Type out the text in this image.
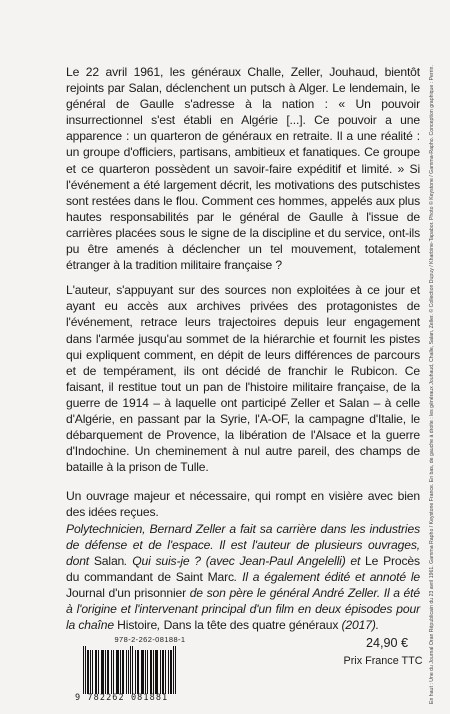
Le 22 avril 1961, les généraux Challe, Zeller, Jouhaud, bientôt rejoints par Salan, déclenchent un putsch à Alger. Le lendemain, le général de Gaulle s'adresse à la nation : « Un pouvoir insurrectionnel s'est établi en Algérie [...]. Ce pouvoir a une apparence : un quarteron de généraux en retraite. Il a une réalité : un groupe d'officiers, partisans, ambitieux et fanatiques. Ce groupe et ce quarteron possèdent un savoir-faire expéditif et limité. » Si l'événement a été largement décrit, les motivations des putschistes sont restées dans le flou. Comment ces hommes, appelés aux plus hautes responsabilités par le général de Gaulle à l'issue de carrières placées sous le signe de la discipline et du service, ont-ils pu être amenés à déclencher un tel mouvement, totalement étranger à la tradition militaire française ?

L'auteur, s'appuyant sur des sources non exploitées à ce jour et ayant eu accès aux archives privées des protagonistes de l'événement, retrace leurs trajectoires depuis leur engagement dans l'armée jusqu'au sommet de la hiérarchie et fournit les pistes qui expliquent comment, en dépit de leurs différences de parcours et de tempérament, ils ont décidé de franchir le Rubicon. Ce faisant, il restitue tout un pan de l'histoire militaire française, de la guerre de 1914 – à laquelle ont participé Zeller et Salan – à celle d'Algérie, en passant par la Syrie, l'A-OF, la campagne d'Italie, le débarquement de Provence, la libération de l'Alsace et la guerre d'Indochine. Un cheminement à nul autre pareil, des champs de bataille à la prison de Tulle.

Un ouvrage majeur et nécessaire, qui rompt en visière avec bien des idées reçues.

Polytechnicien, Bernard Zeller a fait sa carrière dans les industries de défense et de l'espace. Il est l'auteur de plusieurs ouvrages, dont Salan. Qui suis-je ? (avec Jean-Paul Angelelli) et Le Procès du commandant de Saint Marc. Il a également édité et annoté le Journal d'un prisonnier de son père le général André Zeller. Il a été à l'origine et l'intervenant principal d'un film en deux épisodes pour la chaîne Histoire, Dans la tête des quatre généraux (2017).

978-2-262-08188-1
9 782262 081881
24,90 €
Prix France TTC	En haut : Une du Journal Oran Républicain du 23 avril 1961. Gamma Rapho / Keystone France. En bas, de gauche à droite : les généraux Jouhaud, Challe, Salan, Zeller. © Collection Dupuy / Kharbine-Tapabor. Photo © Keystone / Gamma-Rapho. Conception graphique : Perrin.
